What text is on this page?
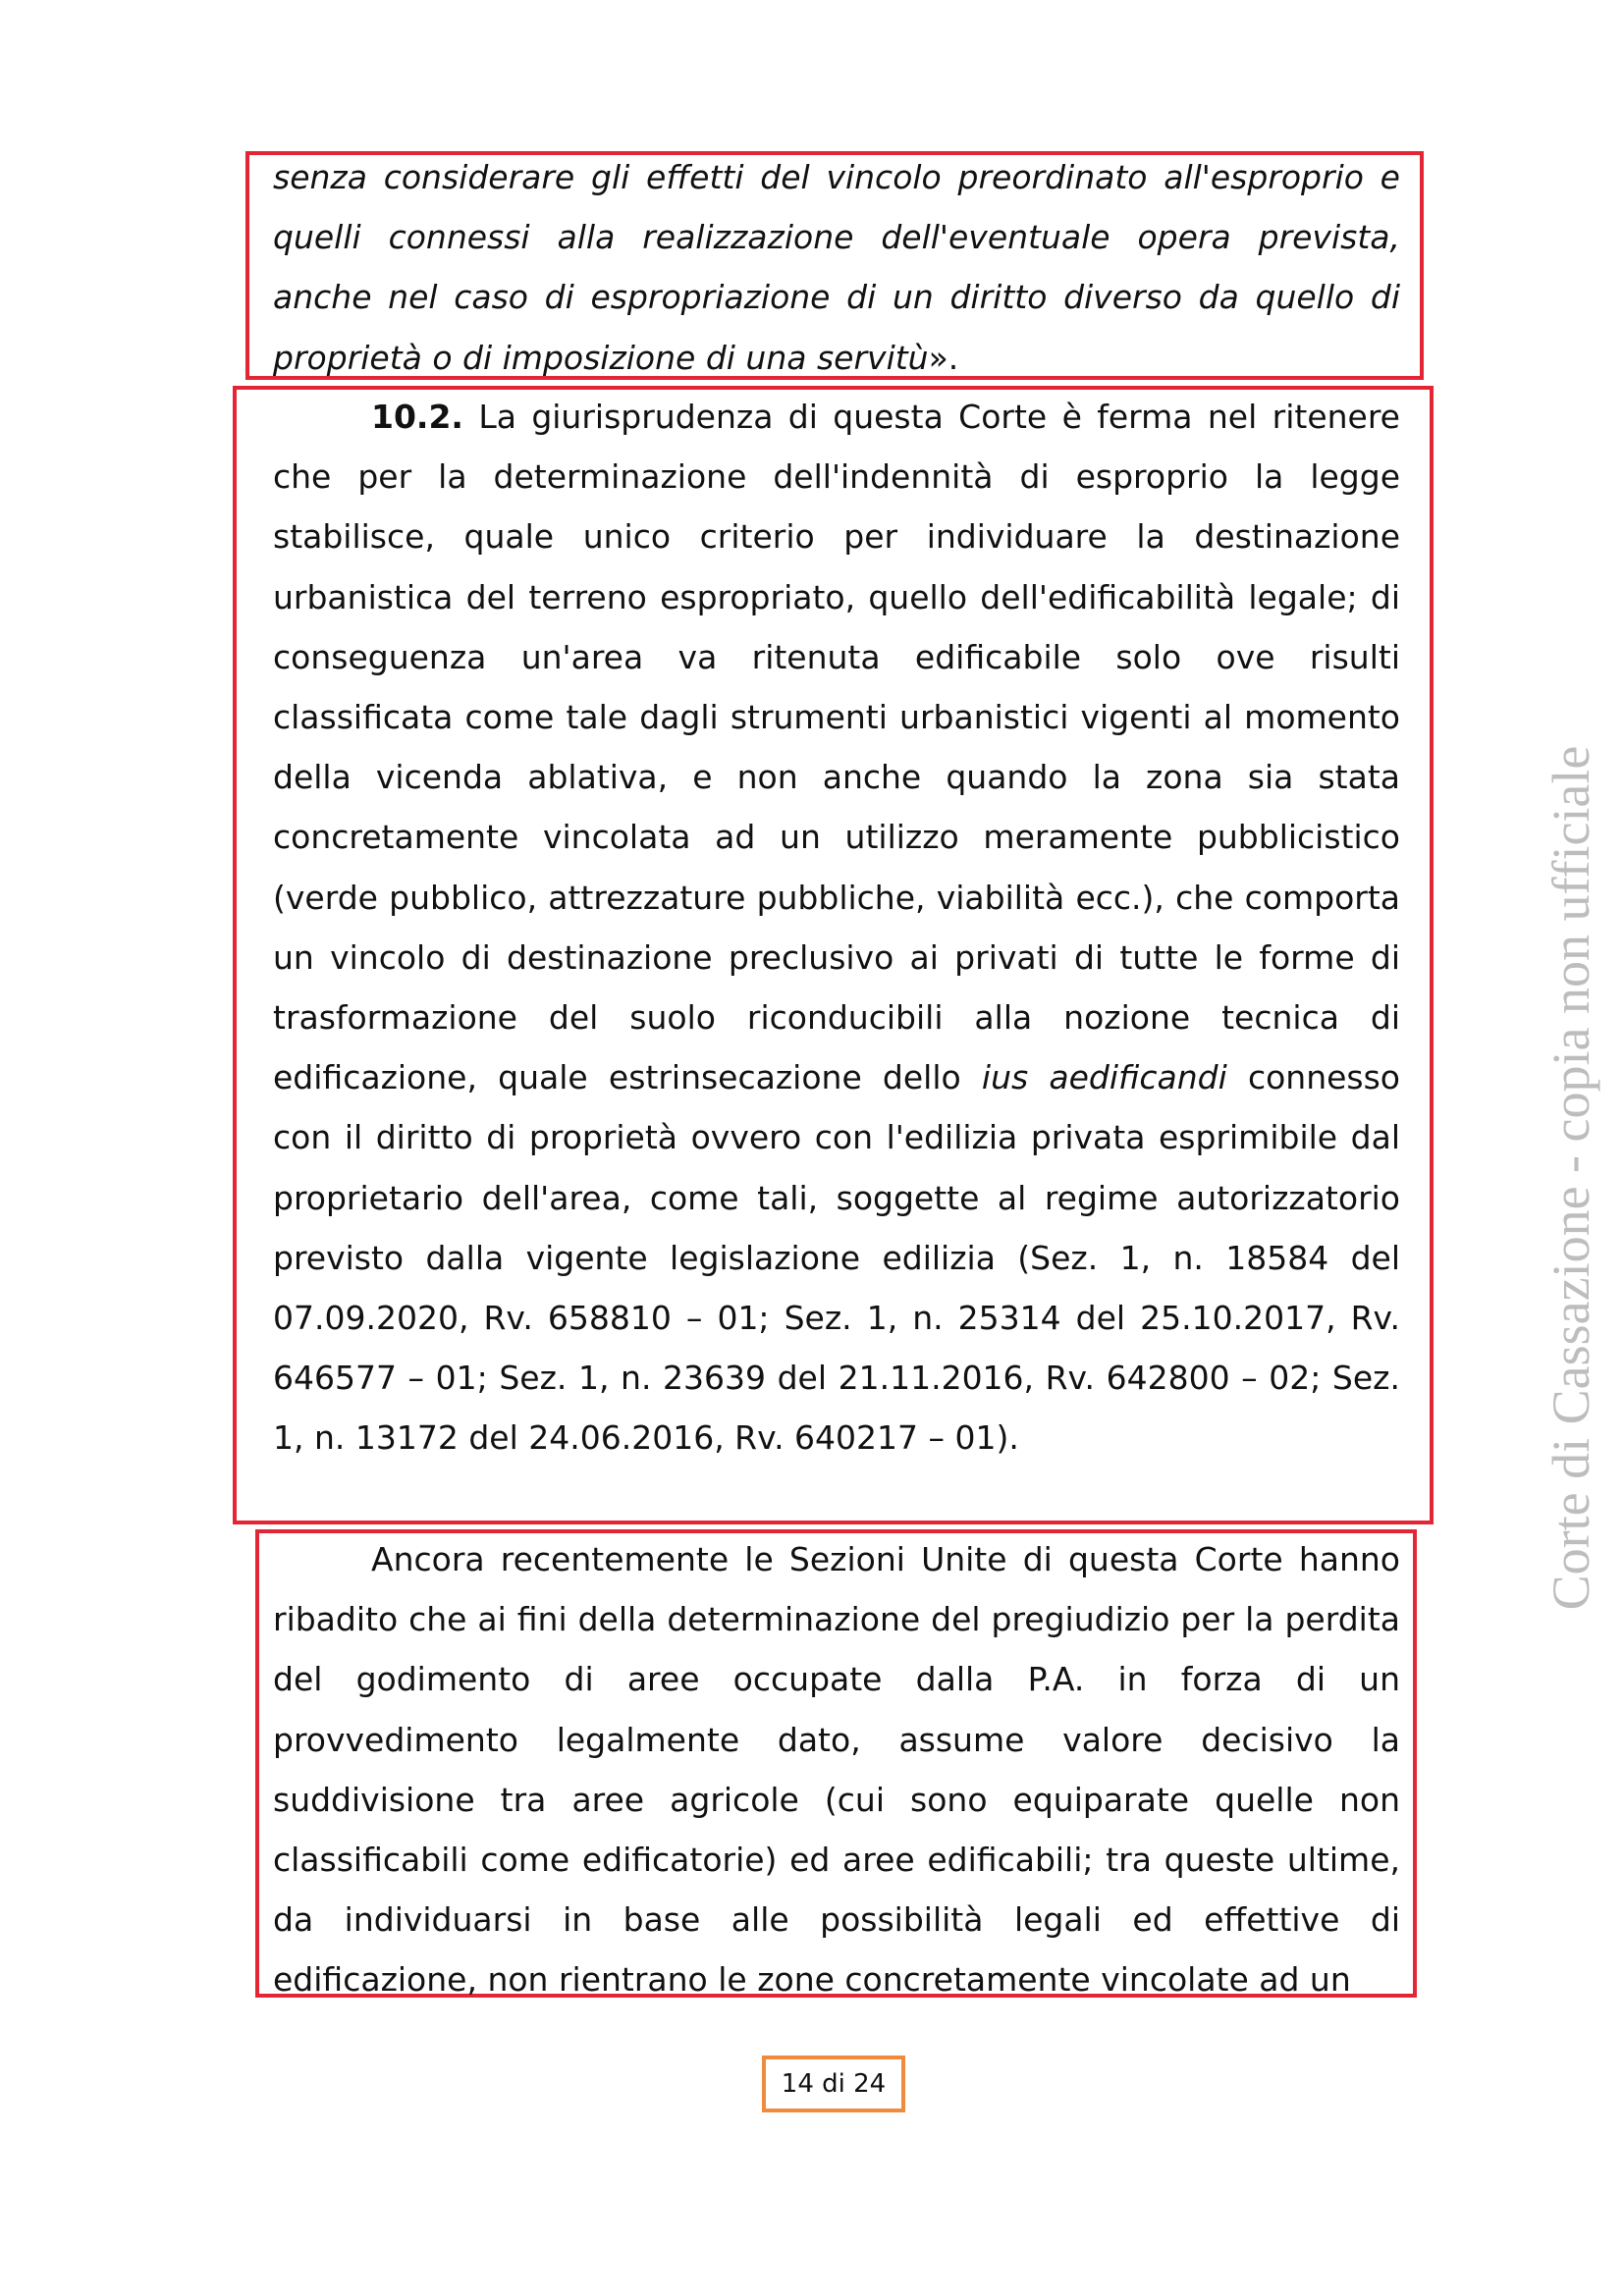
senza considerare gli effetti del vincolo preordinato all'esproprio e quelli connessi alla realizzazione dell'eventuale opera prevista, anche nel caso di espropriazione di un diritto diverso da quello di proprietà o di imposizione di una servitù».

10.2. La giurisprudenza di questa Corte è ferma nel ritenere che per la determinazione dell'indennità di esproprio la legge stabilisce, quale unico criterio per individuare la destinazione urbanistica del terreno espropriato, quello dell'edificabilità legale; di conseguenza un'area va ritenuta edificabile solo ove risulti classificata come tale dagli strumenti urbanistici vigenti al momento della vicenda ablativa, e non anche quando la zona sia stata concretamente vincolata ad un utilizzo meramente pubblicistico (verde pubblico, attrezzature pubbliche, viabilità ecc.), che comporta un vincolo di destinazione preclusivo ai privati di tutte le forme di trasformazione del suolo riconducibili alla nozione tecnica di edificazione, quale estrinsecazione dello ius aedificandi connesso con il diritto di proprietà ovvero con l'edilizia privata esprimibile dal proprietario dell'area, come tali, soggette al regime autorizzatorio previsto dalla vigente legislazione edilizia (Sez. 1, n. 18584 del 07.09.2020, Rv. 658810 – 01; Sez. 1, n. 25314 del 25.10.2017, Rv. 646577 – 01; Sez. 1, n. 23639 del 21.11.2016, Rv. 642800 – 02; Sez. 1, n. 13172 del 24.06.2016, Rv. 640217 – 01).

Ancora recentemente le Sezioni Unite di questa Corte hanno ribadito che ai fini della determinazione del pregiudizio per la perdita del godimento di aree occupate dalla P.A. in forza di un provvedimento legalmente dato, assume valore decisivo la suddivisione tra aree agricole (cui sono equiparate quelle non classificabili come edificatorie) ed aree edificabili; tra queste ultime, da individuarsi in base alle possibilità legali ed effettive di edificazione, non rientrano le zone concretamente vincolate ad un

14 di 24
Corte di Cassazione - copia non ufficiale
